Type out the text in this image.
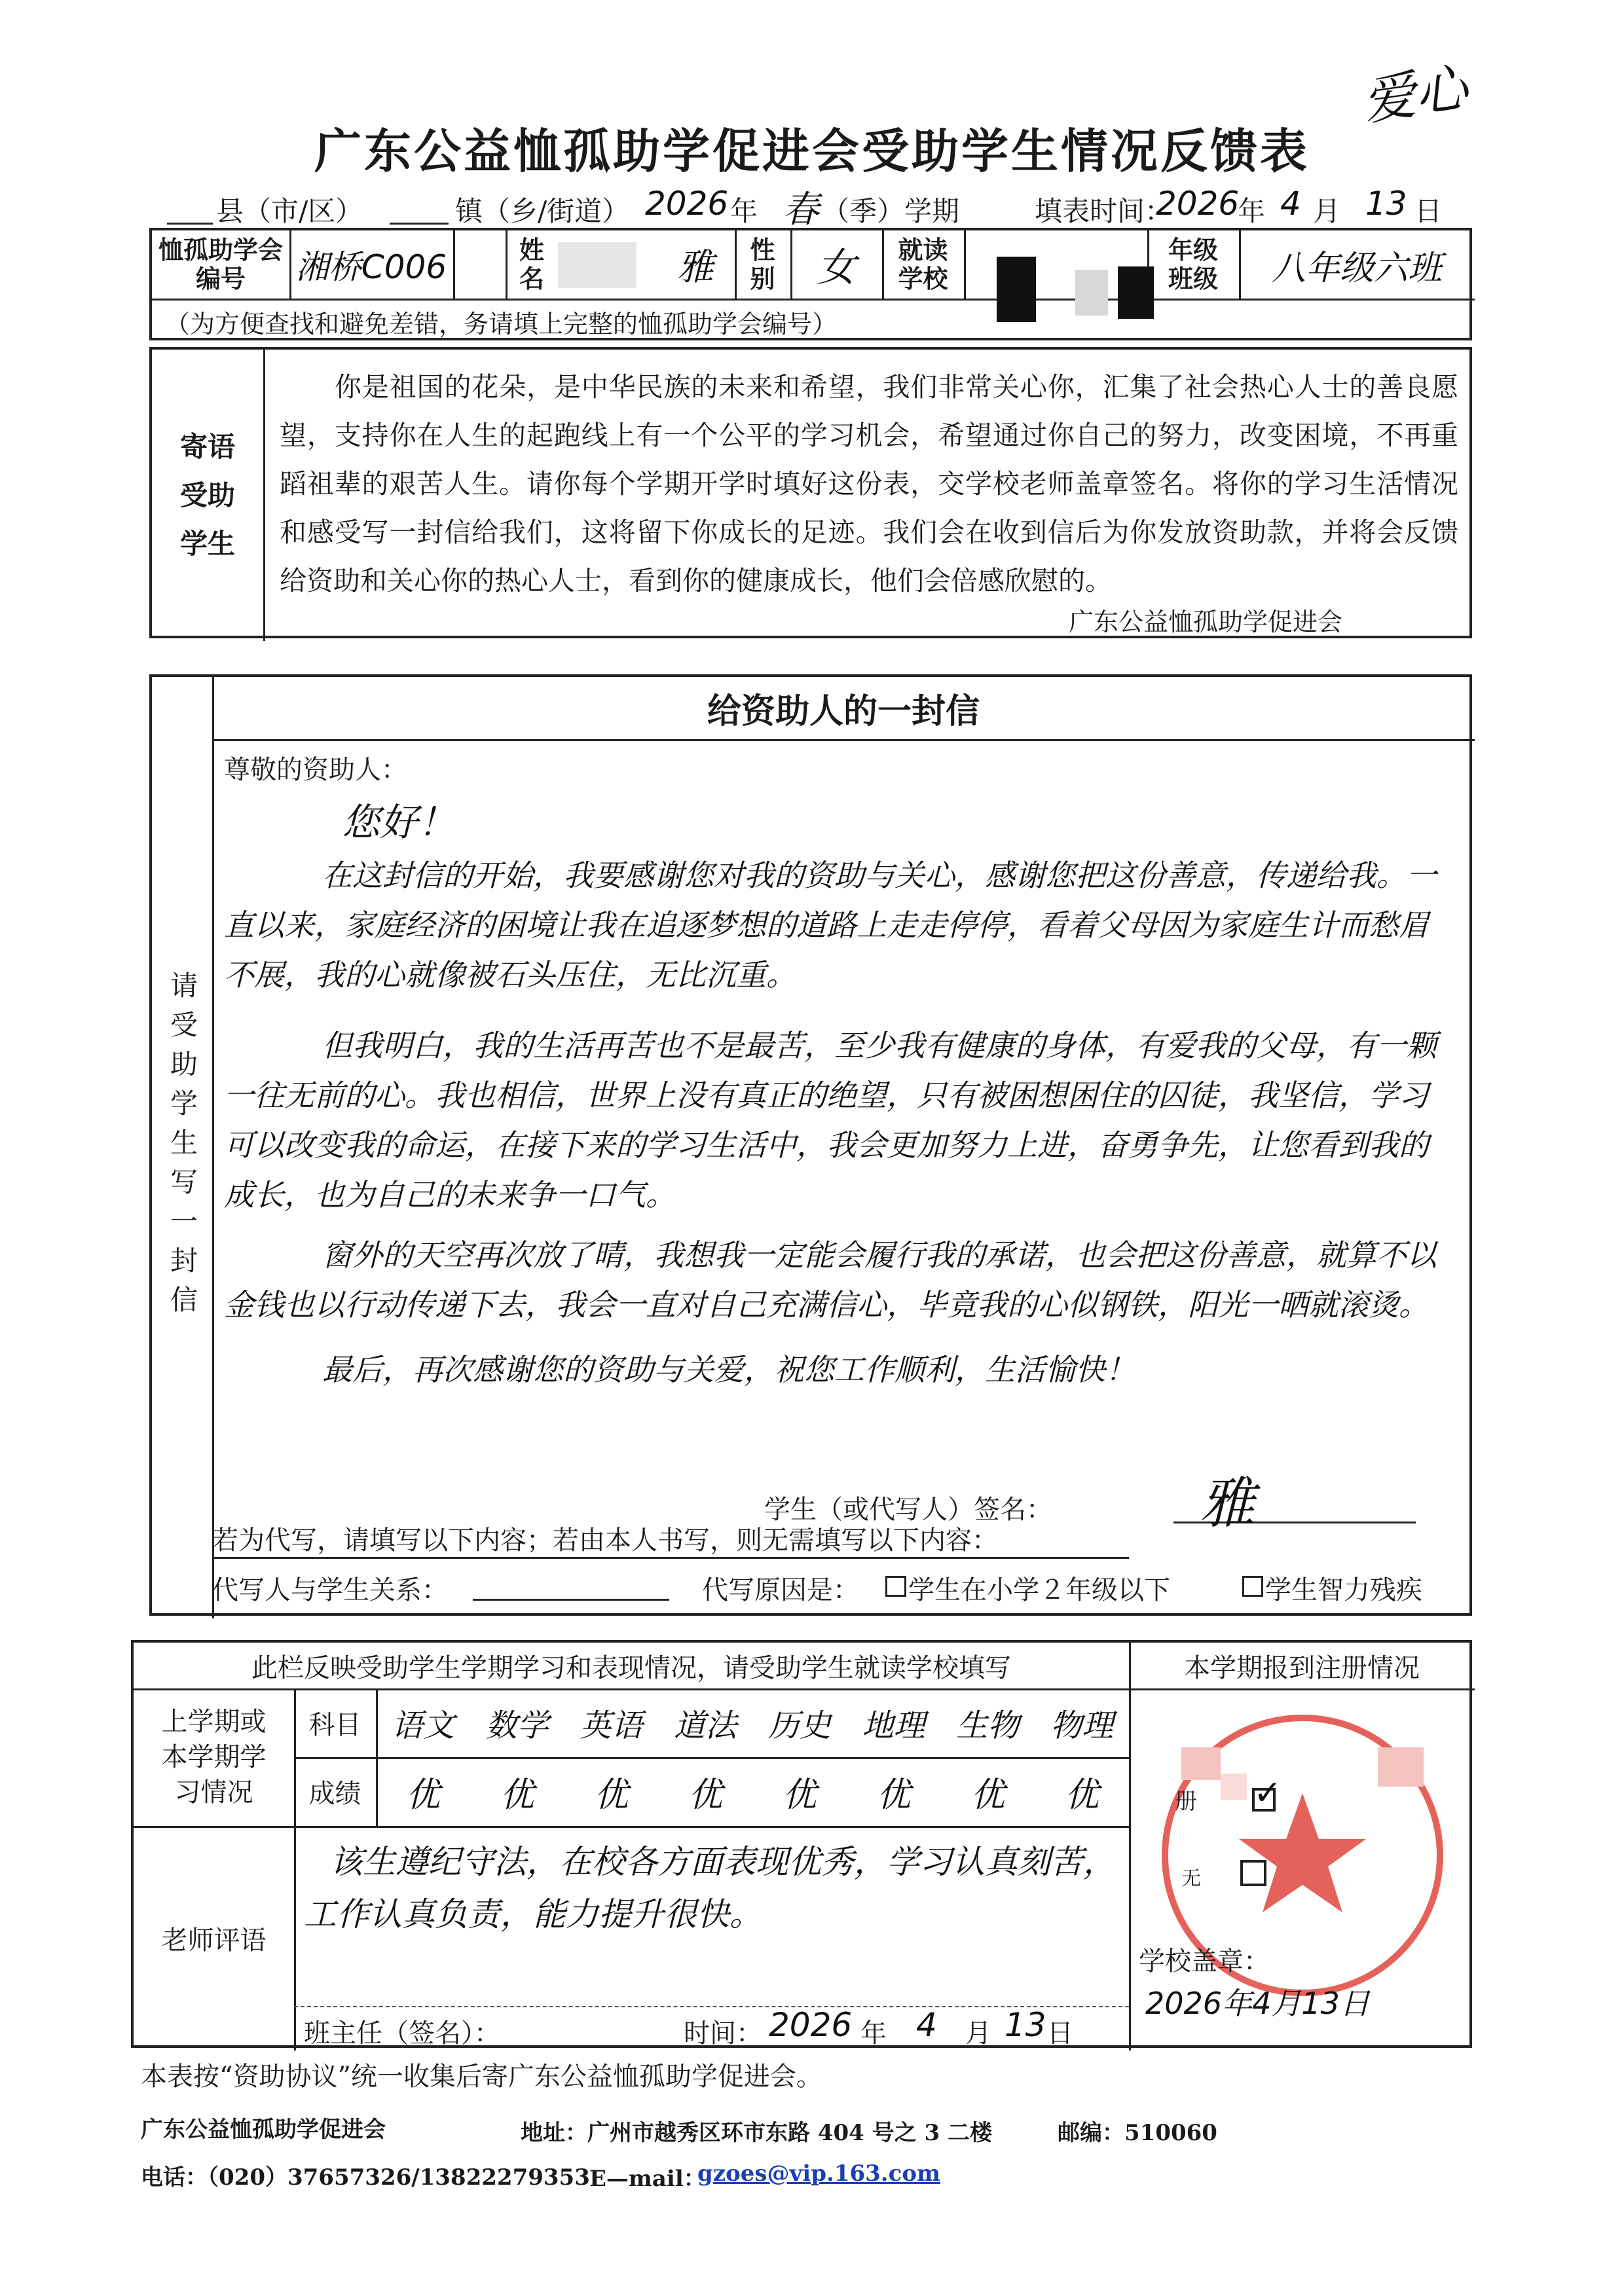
爱心
广东公益恤孤助学促进会受助学生情况反馈表
县（市/区）	镇（乡/街道） 2026 年 春 （季）学期	填表时间：
2026
年 4 月 13 日
恤孤助学会编号	湘桥C006	姓名	雅	性别	女	就读学校
年级班级	八年级六班
（为方便查找和避免差错，务请填上完整的恤孤助学会编号）
寄语受助学生
你是祖国的花朵，是中华民族的未来和希望，我们非常关心你，汇集了社会热心人士的善良愿望，支持你在人生的起跑线上有一个公平的学习机会，希望通过你自己的努力，改变困境，不再重蹈祖辈的艰苦人生。请你每个学期开学时填好这份表，交学校老师盖章签名。将你的学习生活情况和感受写一封信给我们，这将留下你成长的足迹。我们会在收到信后为你发放资助款，并将会反馈给资助和关心你的热心人士，看到你的健康成长，他们会倍感欣慰的。
广东公益恤孤助学促进会
请受助学生写一封信
给资助人的一封信
尊敬的资助人：
您好！
在这封信的开始，我要感谢您对我的资助与关心，感谢您把这份善意，传递给我。一直以来，家庭经济的困境让我在追逐梦想的道路上走走停停，看着父母因为家庭生计而愁眉不展，我的心就像被石头压住，无比沉重。
但我明白，我的生活再苦也不是最苦，至少我有健康的身体，有爱我的父母，有一颗一往无前的心。我也相信，世界上没有真正的绝望，只有被困想困住的囚徒，我坚信，学习可以改变我的命运，在接下来的学习生活中，我会更加努力上进，奋勇争先，让您看到我的成长，也为自己的未来争一口气。
窗外的天空再次放了晴，我想我一定能会履行我的承诺，也会把这份善意，就算不以金钱也以行动传递下去，我会一直对自己充满信心，毕竟我的心似钢铁，阳光一晒就滚烫。
最后，再次感谢您的资助与关爱，祝您工作顺利，生活愉快！
学生（或代写人）签名：	雅
若为代写，请填写以下内容；若由本人书写，则无需填写以下内容：
代写人与学生关系：	代写原因是： 学生在小学２年级以下	学生智力残疾
此栏反映受助学生学期学习和表现情况，请受助学生就读学校填写	本学期报到注册情况
上学期或本学期学习情况
科目
成绩
语文 数学 英语 道法 历史 地理 生物 物理
优	优	优	优	优	优	优	优
老师评语
该生遵纪守法，在校各方面表现优秀，学习认真刻苦，工作认真负责，能力提升很快。
班主任（签名）：	时间： 2026 年 4 月 13 日
册 ✓
无
学校盖章：
2026年4月13日
本表按“资助协议”统一收集后寄广东公益恤孤助学促进会。
广东公益恤孤助学促进会	地址：广州市越秀区环市东路 404 号之 3 二楼	邮编：510060
电话：（020）37657326/13822279353 E—mail：
gzoes@vip.163.com
